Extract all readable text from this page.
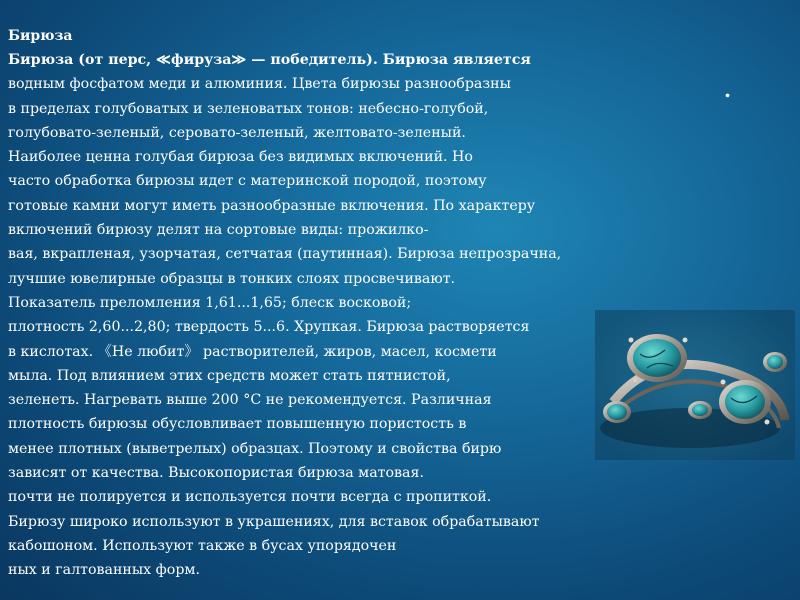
Бирюза
Бирюза (от перс, ≪фируза≫ — победитель). Бирюза является
водным фосфатом меди и алюминия. Цвета бирюзы разнообразны
в пределах голубоватых и зеленоватых тонов: небесно-голубой,
голубовато-зеленый, серовато-зеленый, желтовато-зеленый.
Наиболее ценна голубая бирюза без видимых включений. Но
часто обработка бирюзы идет с материнской породой, поэтому
готовые камни могут иметь разнообразные включения. По характеру
включений бирюзу делят на сортовые виды: прожилко-
вая, вкрапленая, узорчатая, сетчатая (паутинная). Бирюза непрозрачна,
лучшие ювелирные образцы в тонких слоях просвечивают.
Показатель преломления 1,61...1,65; блеск восковой;
плотность 2,60...2,80; твердость 5...6. Хрупкая. Бирюза растворяется
в кислотах. 《Не любит》 растворителей, жиров, масел, космети
мыла. Под влиянием этих средств может стать пятнистой,
зеленеть. Нагревать выше 200 °С не рекомендуется. Различная
плотность бирюзы обусловливает повышенную пористость в
менее плотных (выветрелых) образцах. Поэтому и свойства бирю
зависят от качества. Высокопористая бирюза матовая.
почти не полируется и используется почти всегда с пропиткой.
Бирюзу широко используют в украшениях, для вставок обрабатывают
кабошоном. Используют также в бусах упорядочен
ных и галтованных форм.
.
